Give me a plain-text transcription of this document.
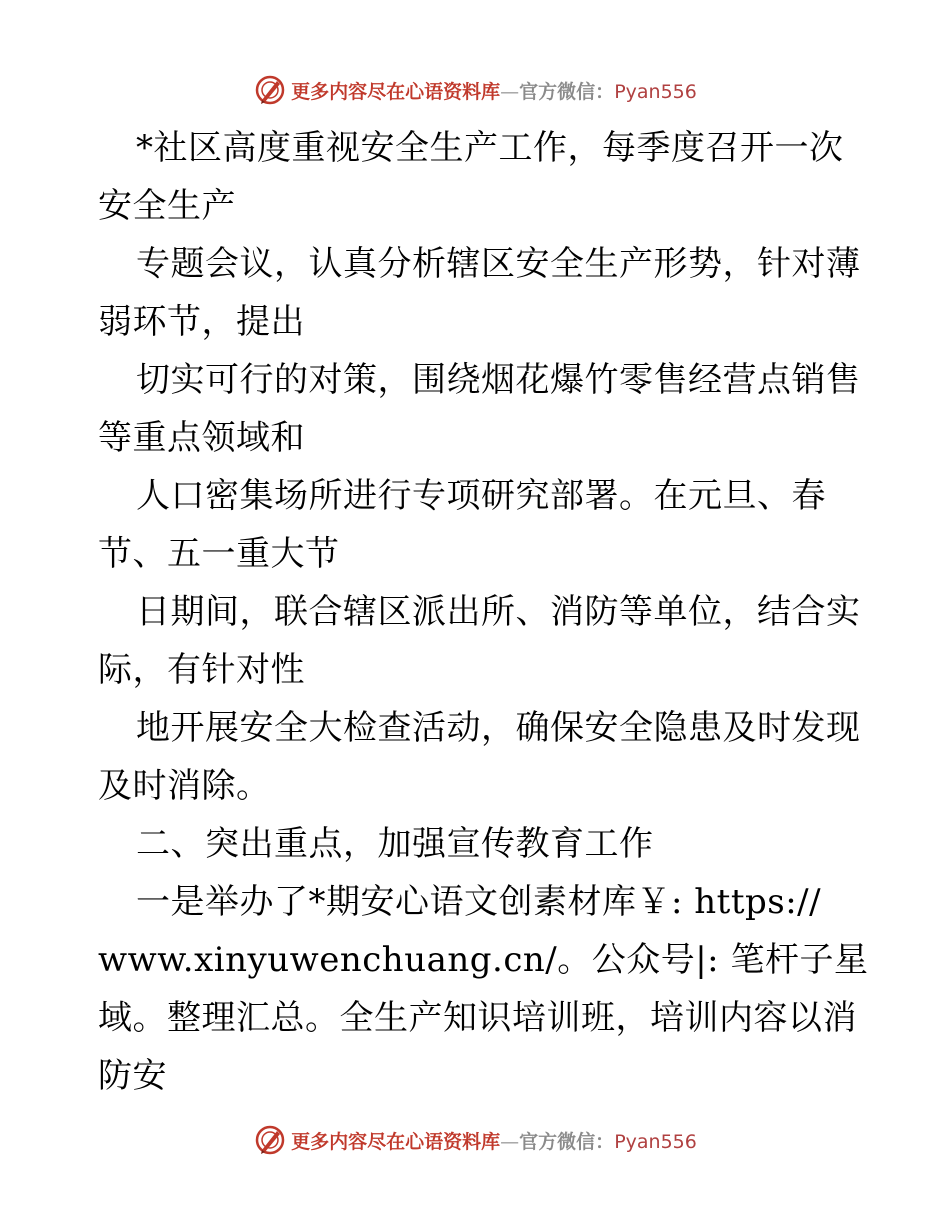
更多内容尽在心语资料库—官方微信：Pyan556
*社区高度重视安全生产工作，每季度召开一次
安全生产
专题会议，认真分析辖区安全生产形势，针对薄
弱环节，提出
切实可行的对策，围绕烟花爆竹零售经营点销售
等重点领域和
人口密集场所进行专项研究部署。在元旦、春
节、五一重大节
日期间，联合辖区派出所、消防等单位，结合实
际，有针对性
地开展安全大检查活动，确保安全隐患及时发现
及时消除。
二、突出重点，加强宣传教育工作
一是举办了*期安心语文创素材库￥: https://
www.xinyuwenchuang.cn/。公众号|: 笔杆子星
域。整理汇总。全生产知识培训班，培训内容以消
防安
更多内容尽在心语资料库—官方微信：Pyan556
